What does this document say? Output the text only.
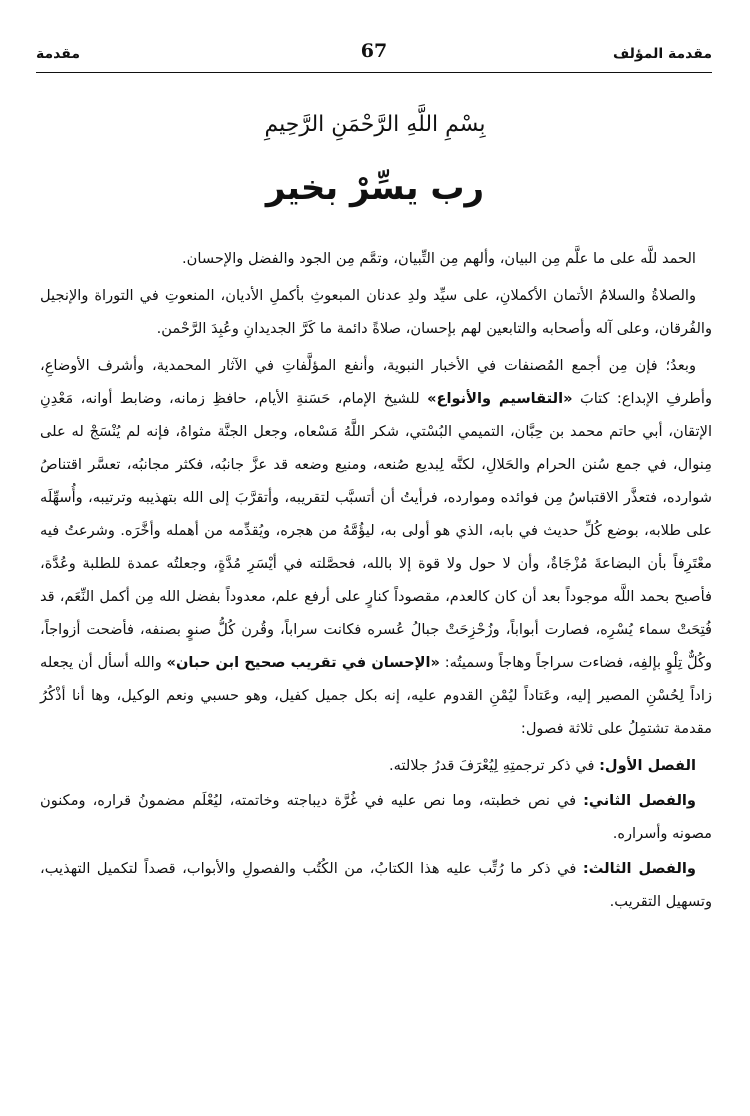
مقدمة المؤلف
67
مقدمة
بِسْمِ اللَّهِ الرَّحْمَنِ الرَّحِيمِ
رب يسِّرْ بخير

الحمد للَّه على ما علَّم مِن البيان، وألهم مِن التِّبيان، وتمَّم مِن الجود والفضل والإحسان.

والصلاةُ والسلامُ الأتمان الأكملانِ، على سيِّد ولدِ عدنان المبعوثِ بأكملِ الأديان، المنعوتِ في التوراة والإنجيل والفُرقان، وعلى آله وأصحابه والتابعين لهم بإحسان، صلاةً دائمة ما كَرَّ الجديدانِ وعُبِدَ الرَّحْمن.

وبعدُ؛ فإن مِن أجمع المُصنفات في الأخبار النبوية، وأنفع المؤلَّفاتِ في الآثار المحمدية، وأشرف الأوضاعِ، وأطرفِ الإبداع: كتابَ «التقاسيم والأنواع» للشيخ الإمام، حَسَنةِ الأيام، حافظِ زمانه، وضابط أوانه، مَعْدِنِ الإتقان، أبي حاتم محمد بن حِبَّان، التميمي البُسْتي، شكر اللَّهُ مَسْعاه، وجعل الجنَّة مثواهُ، فإنه لم يُنْسَجْ له على مِنوال، في جمع سُنن الحرام والحَلالِ، لكنَّه لِبديع صُنعه، ومنيع وضعه قد عزَّ جانبُه، فكثر مجانبُه، تعسَّر اقتناصُ شوارده، فتعذَّر الاقتباسُ مِن فوائده وموارده، فرأيتُ أن أتسبَّب لتقريبه، وأتقرَّبَ إلى الله بتهذيبه وترتيبه، وأُسهِّلَه على طلابه، بوضع كُلِّ حديث في بابه، الذي هو أولى به، ليؤُمَّهُ من هجره، ويُقدِّمه من أهمله وأخَّرَه. وشرعتُ فيه معْتَرِفاً بأن البضاعةَ مُزْجَاةٌ، وأن لا حول ولا قوة إلا بالله، فحصَّلته في أيْسَرِ مُدَّةٍ، وجعلتُه عمدة للطلبة وعُدَّة، فأصبح بحمد اللَّه موجوداً بعد أن كان كالعدم، مقصوداً كنارٍ على أرفع علم، معدوداً بفضل الله مِن أكمل النِّعَم، قد فُتِحَتْ سماء يُسْرِه، فصارت أبواباً، وزُحْزِحَتْ جبالُ عُسره فكانت سراباً، وقُرن كُلُّ صنوٍ بصنفه، فأضحت أزواجاً، وكُلٌّ تِلْوٍ بإلفِه، فضاءت سراجاً وهاجاً وسميتُه: «الإحسان في تقريب صحيح ابن حبان» والله أسأل أن يجعله زاداً لِحُسْنِ المصير إليه، وعَتاداً ليُمْنِ القدوم عليه، إنه بكل جميل كفيل، وهو حسبي ونعم الوكيل، وها أنا أذْكُرُ مقدمة تشتمِلُ على ثلاثة فصول:

الفصل الأول: في ذكر ترجمتِهِ لِيُعْرَفَ قدرُ جلالته.

والفصل الثاني: في نص خطبته، وما نص عليه في غُرَّة ديباجته وخاتمته، ليُعْلَم مضمونُ قراره، ومكنون مصونه وأسراره.

والفصل الثالث: في ذكر ما رُتِّب عليه هذا الكتابُ، من الكُتُب والفصولِ والأبواب، قصداً لتكميل التهذيب، وتسهيل التقريب.
